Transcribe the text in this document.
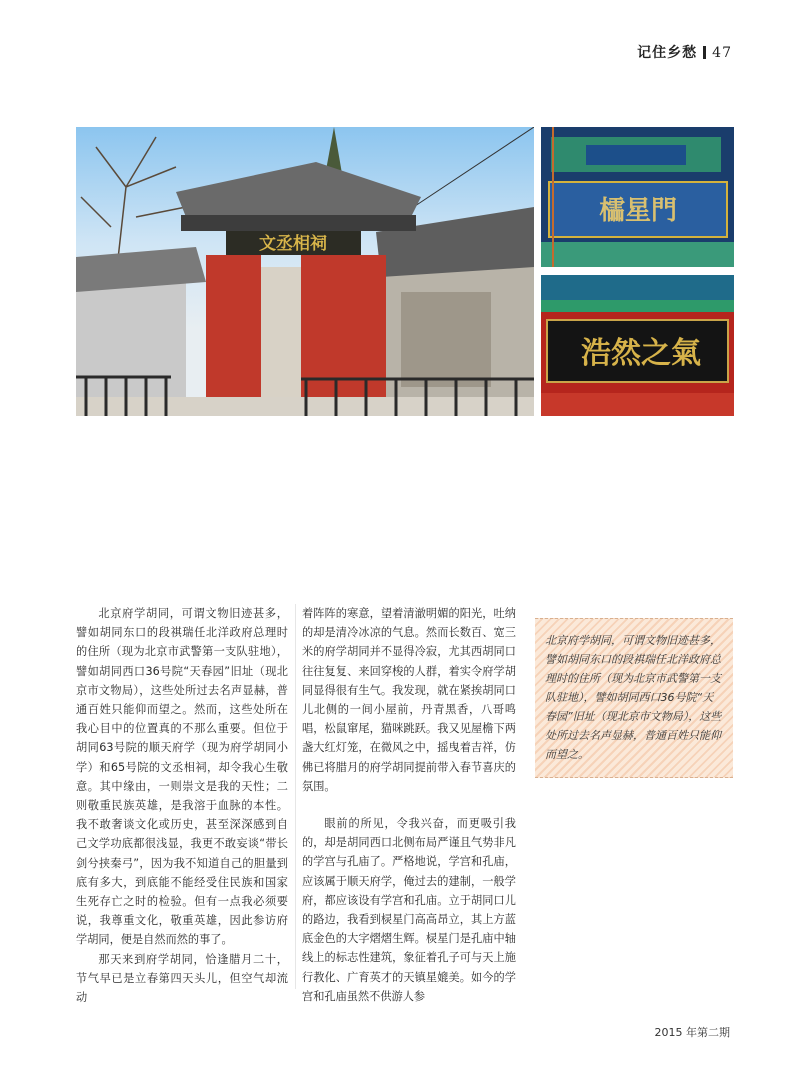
记住乡愁 47
文丞相祠
櫺星門
浩然之氣

北京府学胡同，可谓文物旧迹甚多，譬如胡同东口的段祺瑞任北洋政府总理时的住所（现为北京市武警第一支队驻地），譬如胡同西口36号院“天春园”旧址（现北京市文物局），这些处所过去名声显赫，普通百姓只能仰而望之。然而，这些处所在我心目中的位置真的不那么重要。但位于胡同63号院的顺天府学（现为府学胡同小学）和65号院的文丞相祠，却令我心生敬意。其中缘由，一则崇文是我的天性；二则敬重民族英雄，是我溶于血脉的本性。我不敢奢谈文化或历史，甚至深深感到自己文学功底都很浅显，我更不敢妄谈“带长剑兮挟秦弓”，因为我不知道自己的胆量到底有多大，到底能不能经受住民族和国家生死存亡之时的检验。但有一点我必须要说，我尊重文化，敬重英雄，因此参访府学胡同，便是自然而然的事了。

那天来到府学胡同，恰逢腊月二十，节气早已是立春第四天头儿，但空气却流动

着阵阵的寒意，望着清澈明媚的阳光，吐纳的却是清冷冰凉的气息。然而长数百、宽三米的府学胡同并不显得冷寂，尤其西胡同口往往复复、来回穿梭的人群，着实令府学胡同显得很有生气。我发现，就在紧挨胡同口儿北侧的一间小屋前，丹青黑香，八哥鸣唱，松鼠窜尾，猫咪跳跃。我又见屋檐下两盏大红灯笼，在微风之中，摇曳着吉祥，仿佛已将腊月的府学胡同提前带入春节喜庆的氛围。

眼前的所见，令我兴奋，而更吸引我的，却是胡同西口北侧布局严谨且气势非凡的学宫与孔庙了。严格地说，学宫和孔庙，应该属于顺天府学，俺过去的建制，一般学府，都应该设有学宫和孔庙。立于胡同口儿的路边，我看到棂星门高高昂立，其上方蓝底金色的大字熠熠生辉。棂星门是孔庙中轴线上的标志性建筑，象征着孔子可与天上施行教化、广育英才的天镇星媲美。如今的学宫和孔庙虽然不供游人参

北京府学胡同，可谓文物旧迹甚多，譬如胡同东口的段祺瑞任北洋政府总理时的住所（现为北京市武警第一支队驻地），譬如胡同西口36号院“天春园”旧址（现北京市文物局），这些处所过去名声显赫，普通百姓只能仰而望之。

2015 年第二期
